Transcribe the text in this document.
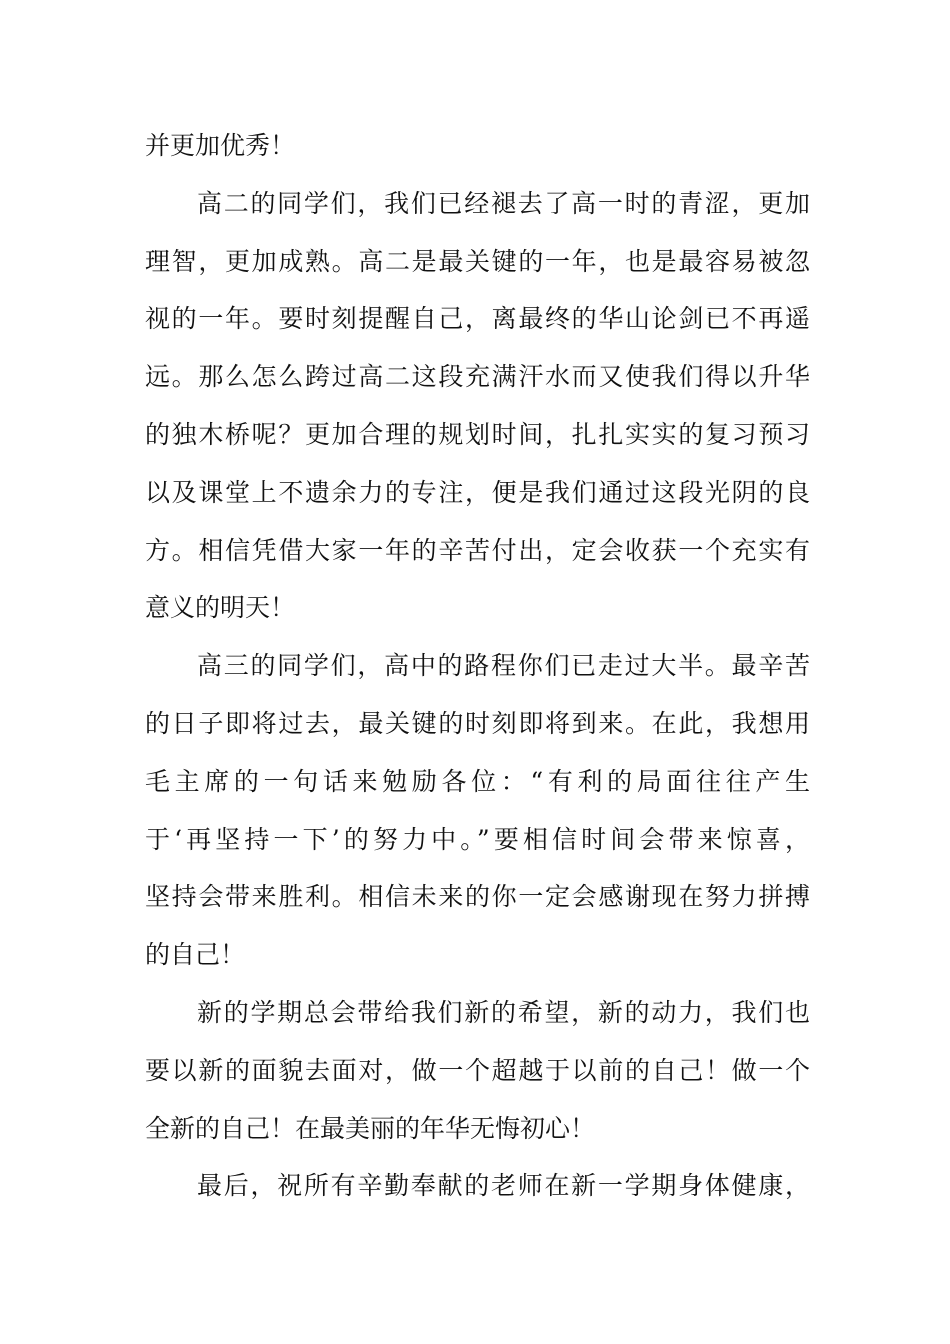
并更加优秀！
高二的同学们，我们已经褪去了高一时的青涩，更加
理智，更加成熟。高二是最关键的一年，也是最容易被忽
视的一年。要时刻提醒自己，离最终的华山论剑已不再遥
远。那么怎么跨过高二这段充满汗水而又使我们得以升华
的独木桥呢？更加合理的规划时间，扎扎实实的复习预习
以及课堂上不遗余力的专注，便是我们通过这段光阴的良
方。相信凭借大家一年的辛苦付出，定会收获一个充实有
意义的明天！
高三的同学们，高中的路程你们已走过大半。最辛苦
的日子即将过去，最关键的时刻即将到来。在此，我想用
毛主席的一句话来勉励各位：“有利的局面往往产生
于‘再坚持一下’的努力中。”要相信时间会带来惊喜，
坚持会带来胜利。相信未来的你一定会感谢现在努力拼搏
的自己！
新的学期总会带给我们新的希望，新的动力，我们也
要以新的面貌去面对，做一个超越于以前的自己！做一个
全新的自己！在最美丽的年华无悔初心！
最后，祝所有辛勤奉献的老师在新一学期身体健康，
